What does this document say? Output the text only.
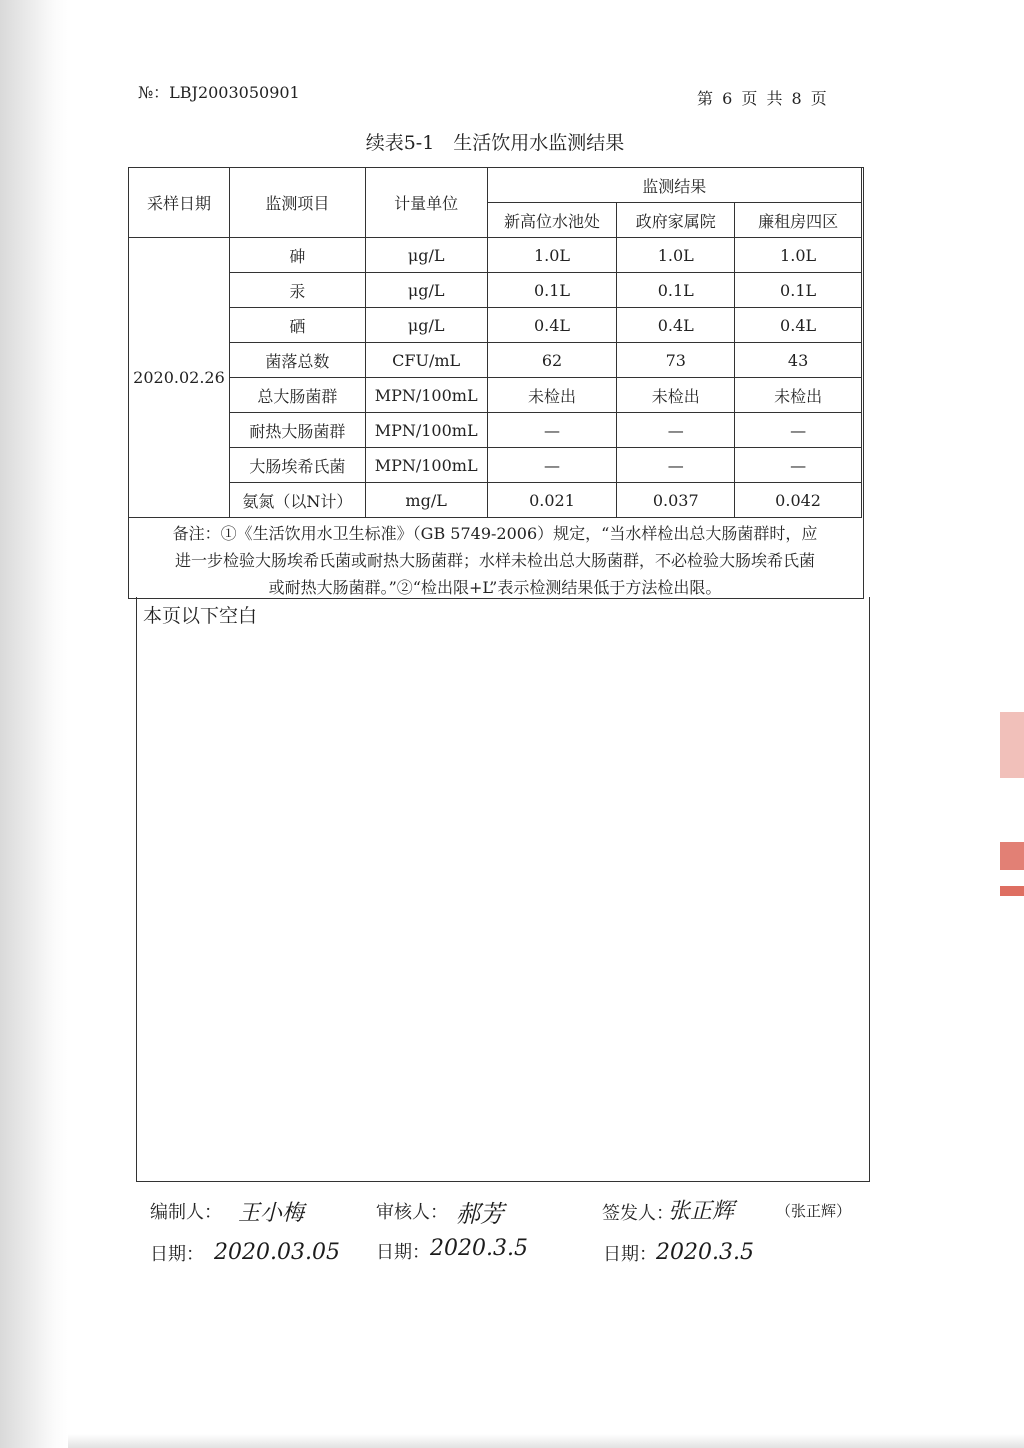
№：LBJ2003050901	第 6 页 共 8 页
续表5-1　生活饮用水监测结果
采样日期	监测项目	计量单位	监测结果		
			新高位水池处	政府家属院	廉租房四区
2020.02.26	砷	μg/L	1.0L	1.0L	1.0L
	汞	μg/L	0.1L	0.1L	0.1L
	硒	μg/L	0.4L	0.4L	0.4L
	菌落总数	CFU/mL	62	73	43
	总大肠菌群	MPN/100mL	未检出	未检出	未检出
	耐热大肠菌群	MPN/100mL	—	—	—
	大肠埃希氏菌	MPN/100mL	—	—	—
	氨氮（以N计）	mg/L	0.021	0.037	0.042
备注：①《生活饮用水卫生标准》（GB 5749-2006）规定，“当水样检出总大肠菌群时，应
进一步检验大肠埃希氏菌或耐热大肠菌群；水样未检出总大肠菌群，不必检验大肠埃希氏菌
或耐热大肠菌群。”②“检出限+L”表示检测结果低于方法检出限。
本页以下空白
编制人： 王小梅	审核人： 郝芳	签发人：
张正辉	（张正辉）
日期： 2020.03.05 日期： 2020.3.5	日期： 2020.3.5
